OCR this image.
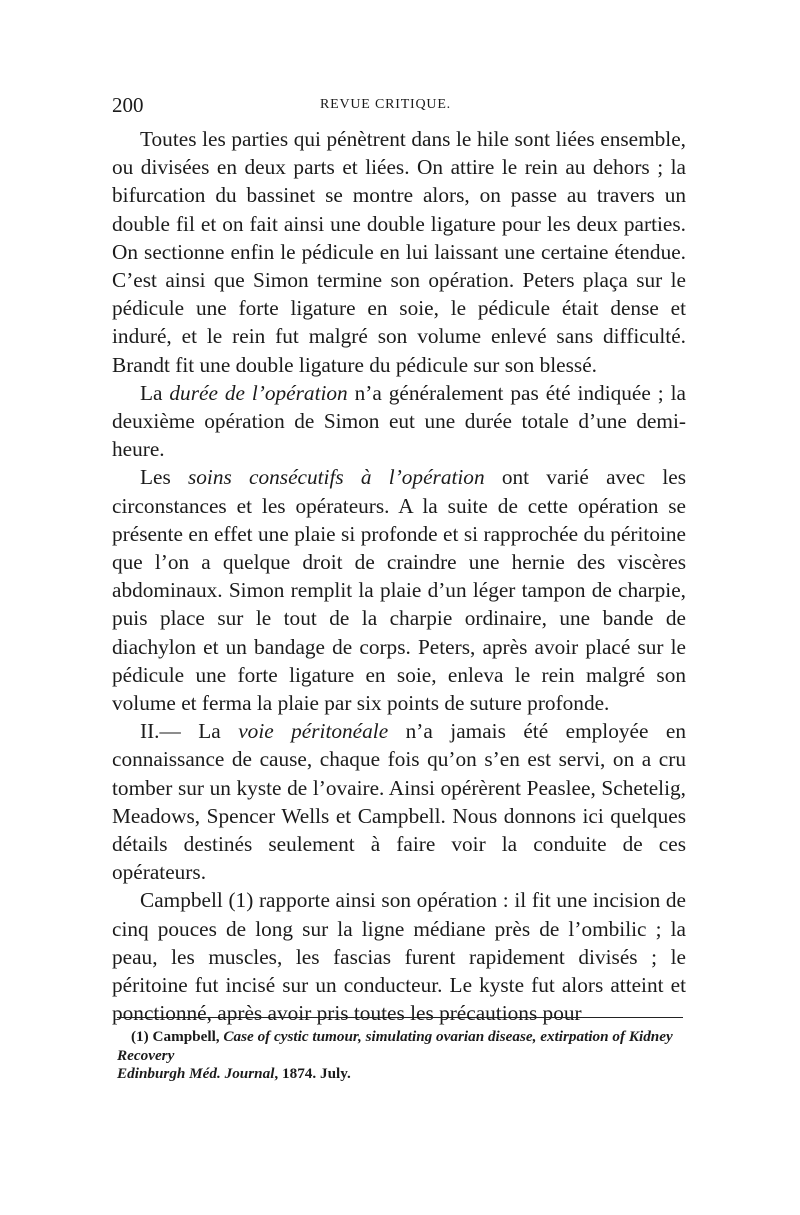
200	REVUE CRITIQUE.

Toutes les parties qui pénètrent dans le hile sont liées ensemble, ou divisées en deux parts et liées. On attire le rein au dehors ; la bifurcation du bassinet se montre alors, on passe au travers un double fil et on fait ainsi une double ligature pour les deux parties. On sectionne enfin le pédicule en lui laissant une certaine étendue. C’est ainsi que Simon termine son opération. Peters plaça sur le pédicule une forte ligature en soie, le pédicule était dense et induré, et le rein fut malgré son volume enlevé sans difficulté. Brandt fit une double ligature du pédicule sur son blessé.

La durée de l’opération n’a généralement pas été indiquée ; la deuxième opération de Simon eut une durée totale d’une demi-heure.

Les soins consécutifs à l’opération ont varié avec les circonstances et les opérateurs. A la suite de cette opération se présente en effet une plaie si profonde et si rapprochée du péritoine que l’on a quelque droit de craindre une hernie des viscères abdominaux. Simon remplit la plaie d’un léger tampon de charpie, puis place sur le tout de la charpie ordinaire, une bande de diachylon et un bandage de corps. Peters, après avoir placé sur le pédicule une forte ligature en soie, enleva le rein malgré son volume et ferma la plaie par six points de suture profonde.

II.— La voie péritonéale n’a jamais été employée en connaissance de cause, chaque fois qu’on s’en est servi, on a cru tomber sur un kyste de l’ovaire. Ainsi opérèrent Peaslee, Schetelig, Meadows, Spencer Wells et Campbell. Nous donnons ici quelques détails destinés seulement à faire voir la conduite de ces opérateurs.

Campbell (1) rapporte ainsi son opération : il fit une incision de cinq pouces de long sur la ligne médiane près de l’ombilic ; la peau, les muscles, les fascias furent rapidement divisés ; le péritoine fut incisé sur un conducteur. Le kyste fut alors atteint et ponctionné, après avoir pris toutes les précautions pour

(1) Campbell, Case of cystic tumour, simulating ovarian disease, extirpation of Kidney Recovery
Edinburgh Méd. Journal, 1874. July.
